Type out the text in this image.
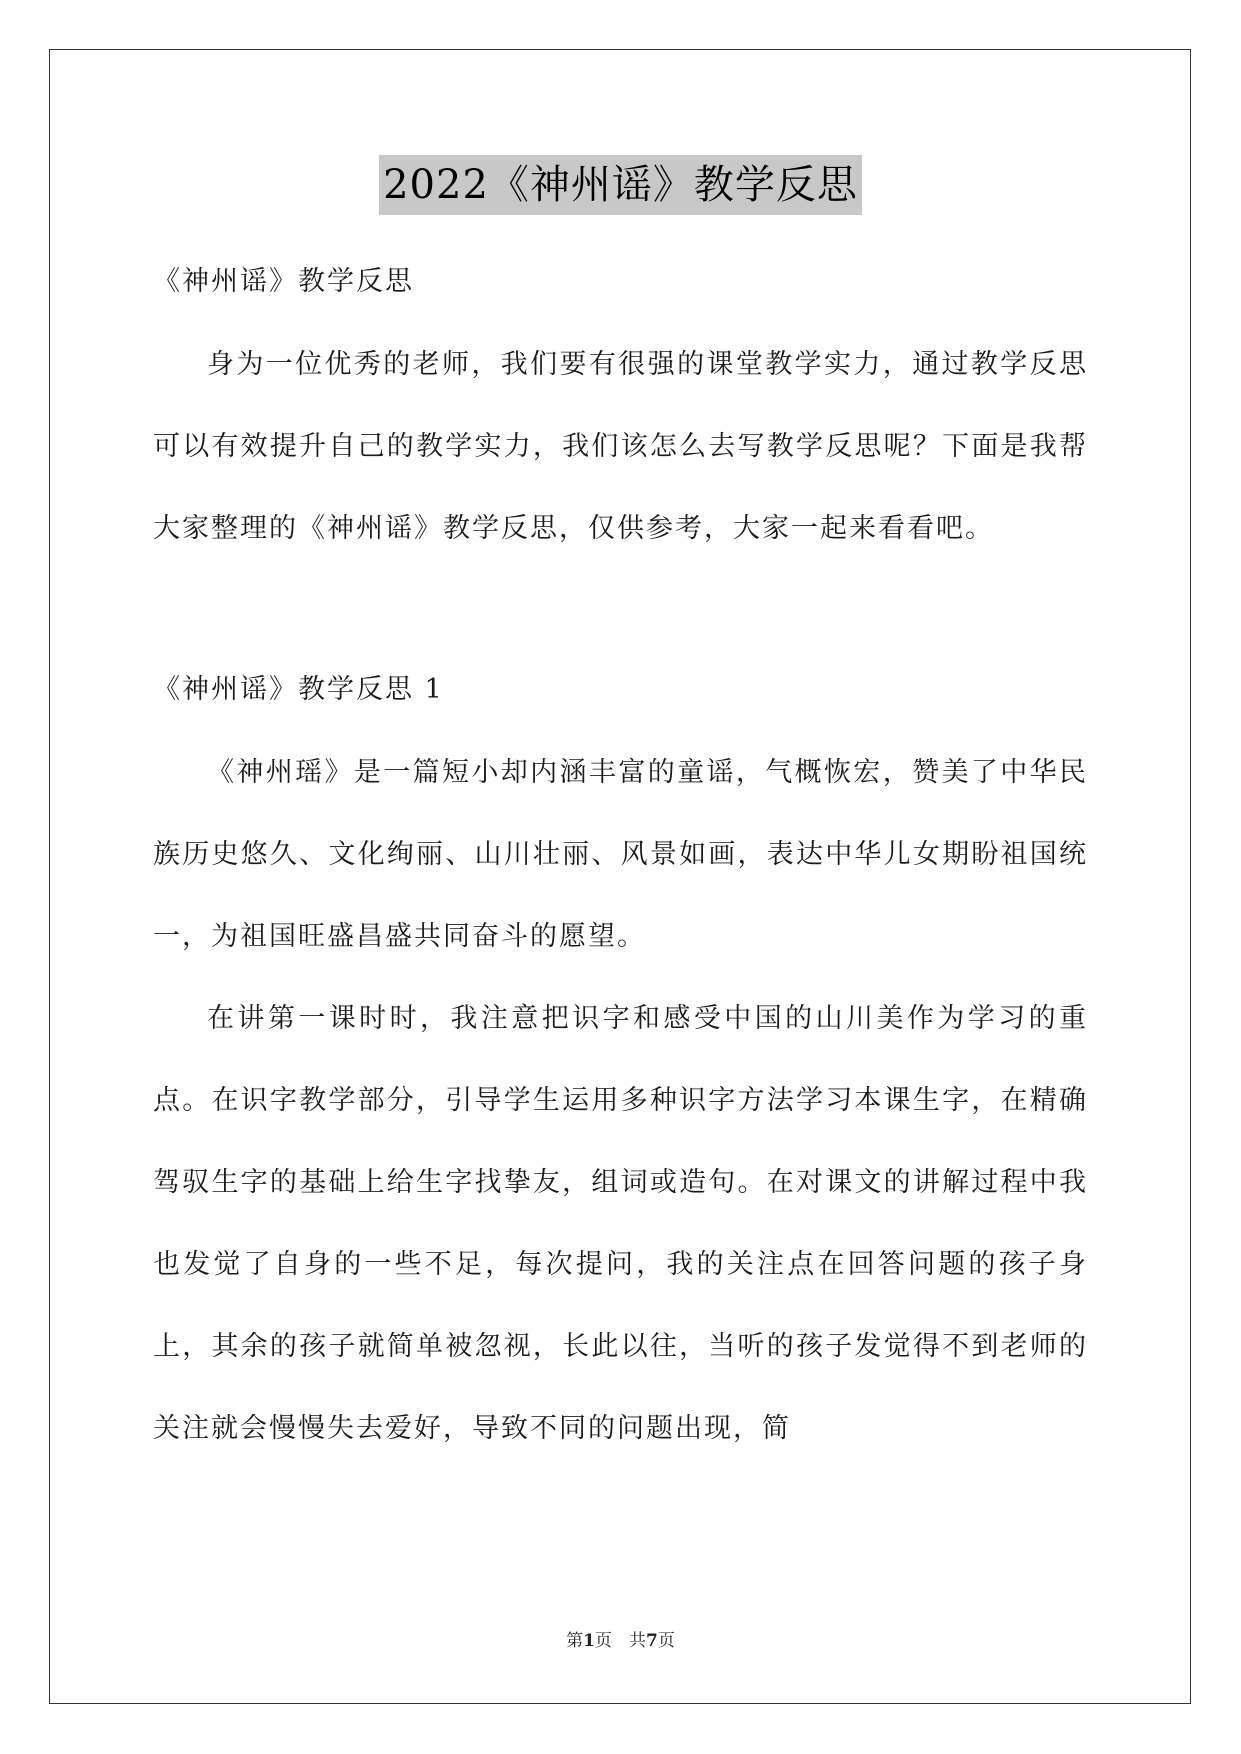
2022《神州谣》教学反思

《神州谣》教学反思

身为一位优秀的老师，我们要有很强的课堂教学实力，通过教学反思可以有效提升自己的教学实力，我们该怎么去写教学反思呢？下面是我帮大家整理的《神州谣》教学反思，仅供参考，大家一起来看看吧。

《神州谣》教学反思 1

《神州瑶》是一篇短小却内涵丰富的童谣，气概恢宏，赞美了中华民族历史悠久、文化绚丽、山川壮丽、风景如画，表达中华儿女期盼祖国统一，为祖国旺盛昌盛共同奋斗的愿望。

在讲第一课时时，我注意把识字和感受中国的山川美作为学习的重点。在识字教学部分，引导学生运用多种识字方法学习本课生字，在精确驾驭生字的基础上给生字找挚友，组词或造句。在对课文的讲解过程中我也发觉了自身的一些不足，每次提问，我的关注点在回答问题的孩子身上，其余的孩子就简单被忽视，长此以往，当听的孩子发觉得不到老师的关注就会慢慢失去爱好，导致不同的问题出现，简

第1页　共7页
